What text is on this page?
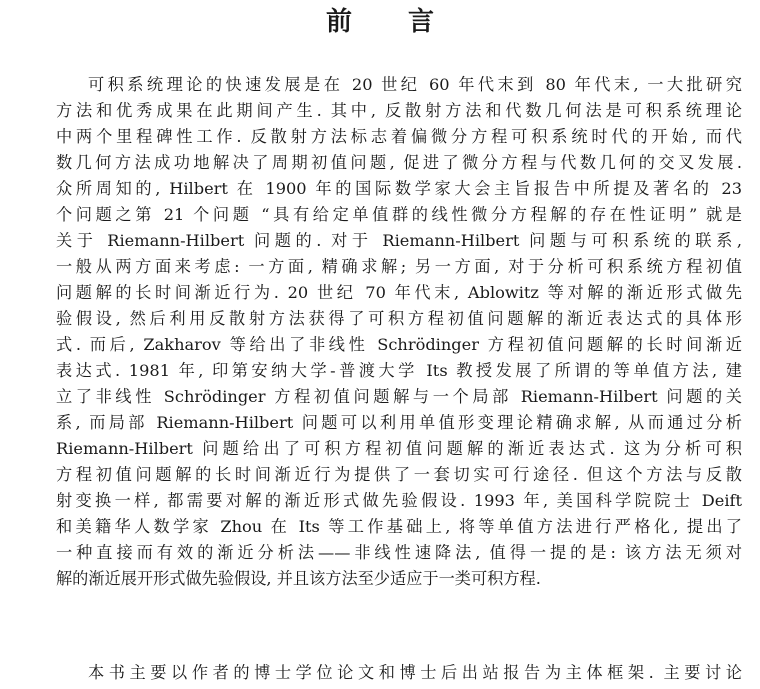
前 言
可积系统理论的快速发展是在 20 世纪 60 年代末到 80 年代末, 一大批研究
方法和优秀成果在此期间产生. 其中, 反散射方法和代数几何法是可积系统理论
中两个里程碑性工作. 反散射方法标志着偏微分方程可积系统时代的开始, 而代
数几何方法成功地解决了周期初值问题, 促进了微分方程与代数几何的交叉发展.
众所周知的, Hilbert 在 1900 年的国际数学家大会主旨报告中所提及著名的 23
个问题之第 21 个问题 “具有给定单值群的线性微分方程解的存在性证明” 就是
关于 Riemann-Hilbert 问题的. 对于 Riemann-Hilbert 问题与可积系统的联系,
一般从两方面来考虑: 一方面, 精确求解; 另一方面, 对于分析可积系统方程初值
问题解的长时间渐近行为. 20 世纪 70 年代末, Ablowitz 等对解的渐近形式做先
验假设, 然后利用反散射方法获得了可积方程初值问题解的渐近表达式的具体形
式. 而后, Zakharov 等给出了非线性 Schrödinger 方程初值问题解的长时间渐近
表达式. 1981 年, 印第安纳大学-普渡大学 Its 教授发展了所谓的等单值方法, 建
立了非线性 Schrödinger 方程初值问题解与一个局部 Riemann-Hilbert 问题的关
系, 而局部 Riemann-Hilbert 问题可以利用单值形变理论精确求解, 从而通过分析
Riemann-Hilbert 问题给出了可积方程初值问题解的渐近表达式. 这为分析可积
方程初值问题解的长时间渐近行为提供了一套切实可行途径. 但这个方法与反散
射变换一样, 都需要对解的渐近形式做先验假设. 1993 年, 美国科学院院士 Deift
和美籍华人数学家 Zhou 在 Its 等工作基础上, 将等单值方法进行严格化, 提出了
一种直接而有效的渐近分析法——非线性速降法, 值得一提的是: 该方法无须对
解的渐近展开形式做先验假设, 并且该方法至少适应于一类可积方程.
本书主要以作者的博士学位论文和博士后出站报告为主体框架. 主要讨论
